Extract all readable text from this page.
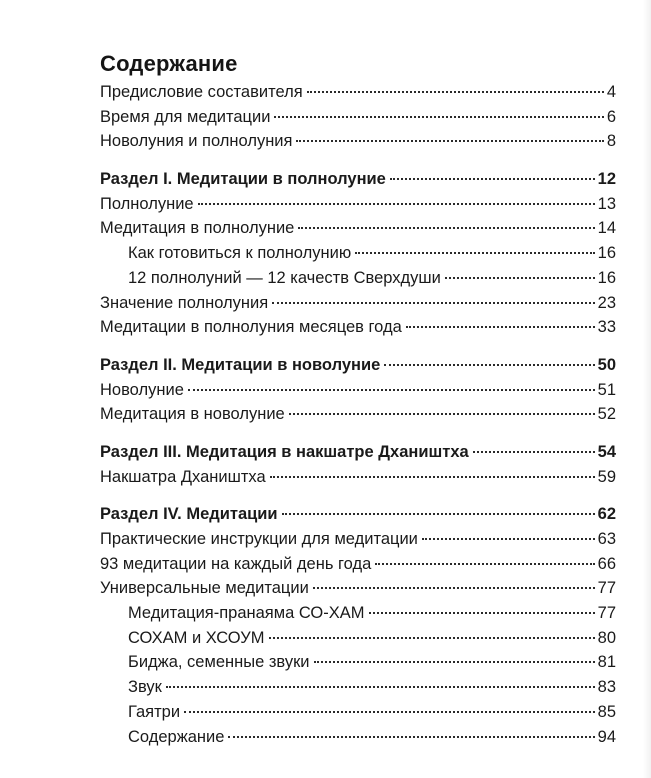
Содержание
Предисловие составителя	4
Время для медитации	6
Новолуния и полнолуния	8
Раздел I. Медитации в полнолуние	12
Полнолуние	13
Медитация в полнолуние	14
Как готовиться к полнолунию	16
12 полнолуний — 12 качеств Сверхдуши	16
Значение полнолуния	23
Медитации в полнолуния месяцев года	33
Раздел II. Медитации в новолуние	50
Новолуние	51
Медитация в новолуние	52
Раздел III. Медитация в накшатре Дхаништха	54
Накшатра Дхаништха	59
Раздел IV. Медитации	62
Практические инструкции для медитации	63
93 медитации на каждый день года	66
Универсальные медитации	77
Медитация-пранаяма СО-ХАМ	77
СОХАМ и ХСОУМ	80
Биджа, семенные звуки	81
Звук	83
Гаятри	85
Содержание	94
